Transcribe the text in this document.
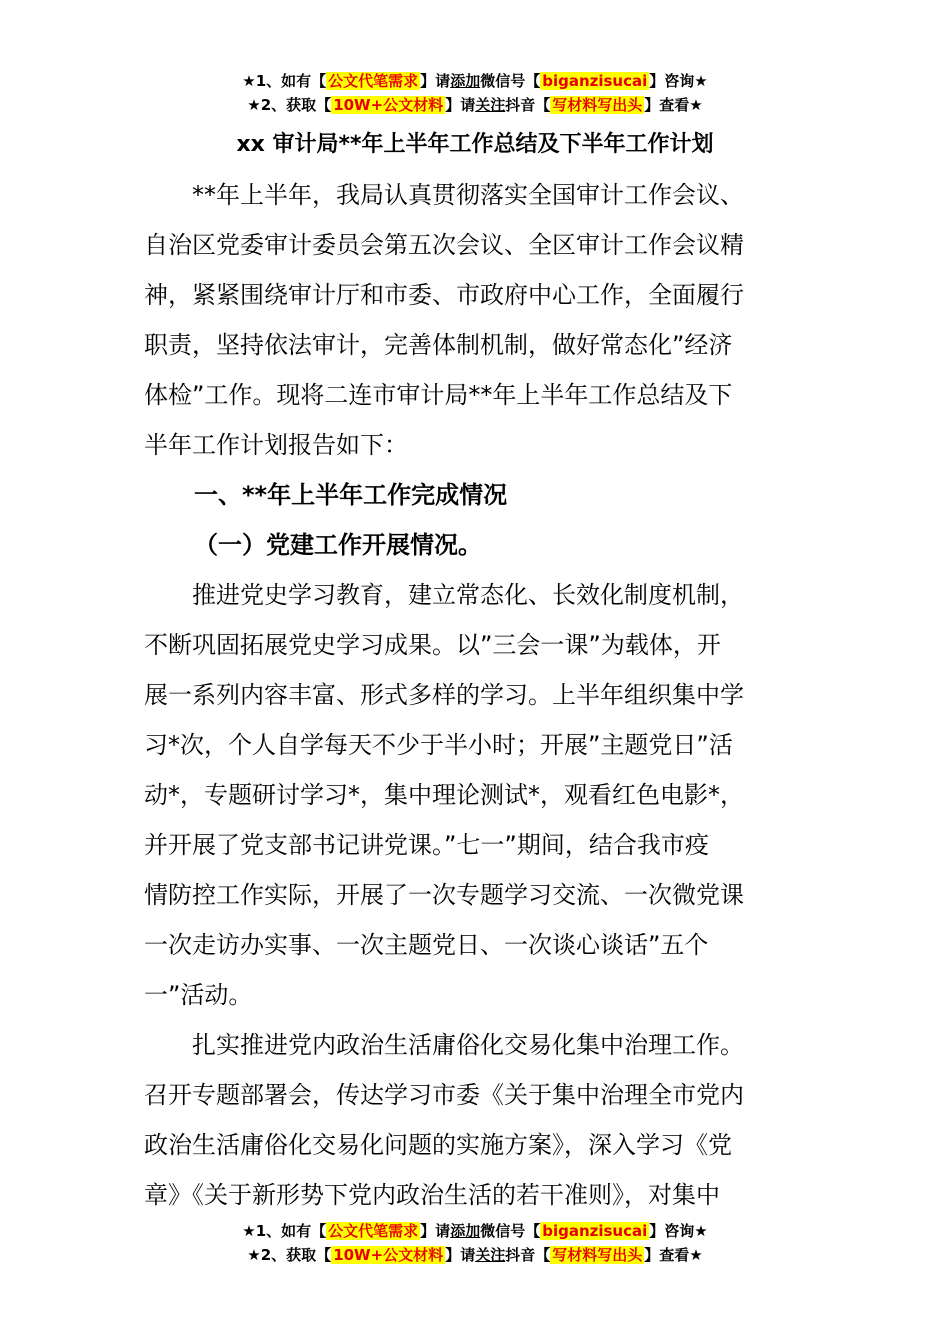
★1、如有【 公文代笔需求 】请添加微信号【 biganzisucai 】咨询★
★2、获取【 10W+公文材料 】请关注抖音【 写材料写出头 】查看★
xx 审计局**年上半年工作总结及下半年工作计划
　　**年上半年，我局认真贯彻落实全国审计工作会议、
自治区党委审计委员会第五次会议、全区审计工作会议精
神，紧紧围绕审计厅和市委、市政府中心工作，全面履行
职责，坚持依法审计，完善体制机制，做好常态化”经济
体检”工作。现将二连市审计局**年上半年工作总结及下
半年工作计划报告如下：
一、**年上半年工作完成情况
（一）党建工作开展情况。
　　推进党史学习教育，建立常态化、长效化制度机制，
不断巩固拓展党史学习成果。以”三会一课”为载体，开
展一系列内容丰富、形式多样的学习。上半年组织集中学
习*次，个人自学每天不少于半小时；开展”主题党日”活
动*，专题研讨学习*，集中理论测试*，观看红色电影*，
并开展了党支部书记讲党课。”七一”期间，结合我市疫
情防控工作实际，开展了一次专题学习交流、一次微党课
一次走访办实事、一次主题党日、一次谈心谈话”五个
一”活动。
　　扎实推进党内政治生活庸俗化交易化集中治理工作。
召开专题部署会，传达学习市委《关于集中治理全市党内
政治生活庸俗化交易化问题的实施方案》，深入学习《党
章》《关于新形势下党内政治生活的若干准则》，对集中
★1、如有【 公文代笔需求 】请添加微信号【 biganzisucai 】咨询★
★2、获取【 10W+公文材料 】请关注抖音【 写材料写出头 】查看★
